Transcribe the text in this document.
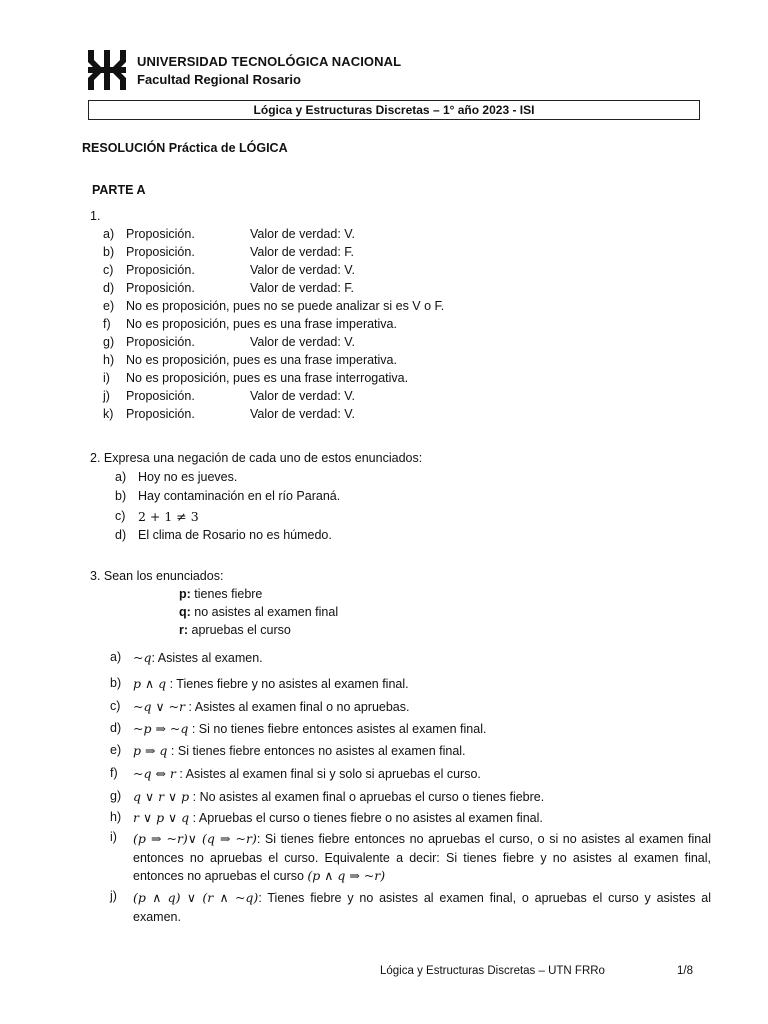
UNIVERSIDAD TECNOLÓGICA NACIONAL
Facultad Regional Rosario
Lógica y Estructuras Discretas – 1° año 2023 - ISI
RESOLUCIÓN Práctica de LÓGICA
PARTE A
1.
a) Proposición.	Valor de verdad: V.
b) Proposición.	Valor de verdad: F.
c) Proposición.	Valor de verdad: V.
d) Proposición.	Valor de verdad: F.
e) No es proposición, pues no se puede analizar si es V o F.
f) No es proposición, pues es una frase imperativa.
g) Proposición.	Valor de verdad: V.
h) No es proposición, pues es una frase imperativa.
i) No es proposición, pues es una frase interrogativa.
j) Proposición.	Valor de verdad: V.
k) Proposición.	Valor de verdad: V.
2. Expresa una negación de cada uno de estos enunciados:
a) Hoy no es jueves.
b) Hay contaminación en el río Paraná.
c) 2 + 1 ≠ 3
d) El clima de Rosario no es húmedo.
3. Sean los enunciados:
p: tienes fiebre
q: no asistes al examen final
r: apruebas el curso
a) ~q: Asistes al examen.
b) p ∧ q : Tienes fiebre y no asistes al examen final.
c) ~q ∨ ~r : Asistes al examen final o no apruebas.
d) ~p ⇒ ~q : Si no tienes fiebre entonces asistes al examen final.
e) p ⇒ q : Si tienes fiebre entonces no asistes al examen final.
f) ~q ⇔ r : Asistes al examen final si y solo si apruebas el curso.
g) q ∨ r ∨ p : No asistes al examen final o apruebas el curso o tienes fiebre.
h) r ∨ p ∨ q : Apruebas el curso o tienes fiebre o no asistes al examen final.
i) (p ⇒ ~r)∨ (q ⇒ ~r): Si tienes fiebre entonces no apruebas el curso, o si no asistes al examen final entonces no apruebas el curso. Equivalente a decir: Si tienes fiebre y no asistes al examen final, entonces no apruebas el curso (p ∧ q ⇒ ~r)
j) (p ∧ q) ∨ (r ∧ ~q): Tienes fiebre y no asistes al examen final, o apruebas el curso y asistes al examen.
Lógica y Estructuras Discretas – UTN FRRo	1/8
